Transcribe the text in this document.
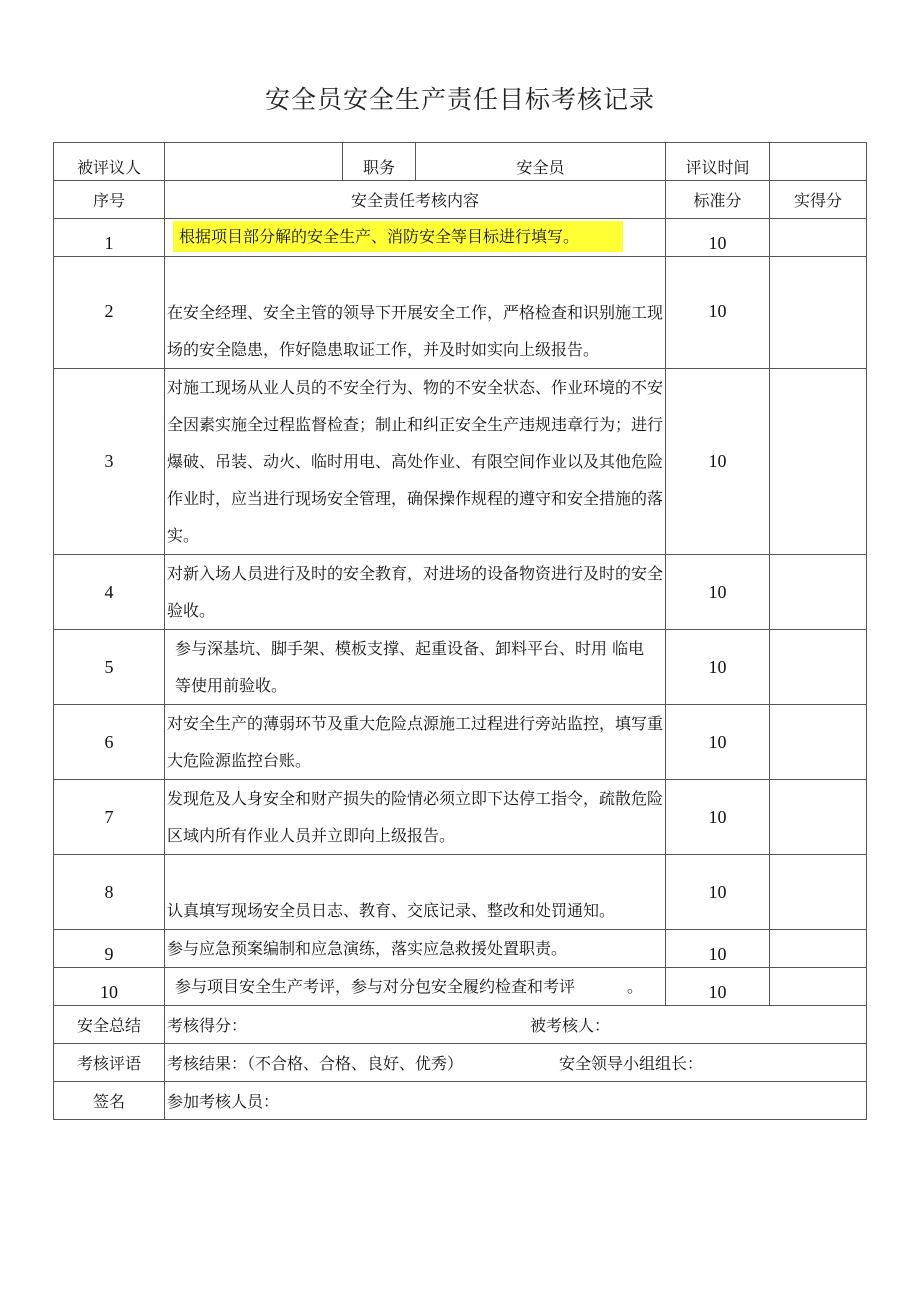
安全员安全生产责任目标考核记录
被评议人		职务	安全员	评议时间	
序号	安全责任考核内容			标准分	实得分
1	根据项目部分解的安全生产、消防安全等目标进行填写。			10	
2	在安全经理、安全主管的领导下开展安全工作，严格检查和识别施工现场的安全隐患，作好隐患取证工作，并及时如实向上级报告。			10	
3	对施工现场从业人员的不安全行为、物的不安全状态、作业环境的不安全因素实施全过程监督检查；制止和纠正安全生产违规违章行为；进行爆破、吊装、动火、临时用电、高处作业、有限空间作业以及其他危险作业时，应当进行现场安全管理，确保操作规程的遵守和安全措施的落实。			10	
4	对新入场人员进行及时的安全教育，对进场的设备物资进行及时的安全验收。			10	
5	参与深基坑、脚手架、模板支撑、起重设备、卸料平台、时用 临电等使用前验收。			10	
6	对安全生产的薄弱环节及重大危险点源施工过程进行旁站监控，填写重大危险源监控台账。			10	
7	发现危及人身安全和财产损失的险情必须立即下达停工指令，疏散危险区域内所有作业人员并立即向上级报告。			10	
8	认真填写现场安全员日志、教育、交底记录、整改和处罚通知。			10	
9	参与应急预案编制和应急演练，落实应急救援处置职责。			10	
10	参与项目安全生产考评，参与对分包安全履约检查和考评 。			10	
安全总结	考核得分： 被考核人：				
考核评语	考核结果：（不合格、合格、良好、优秀） 安全领导小组组长：				
签名	参加考核人员：				
